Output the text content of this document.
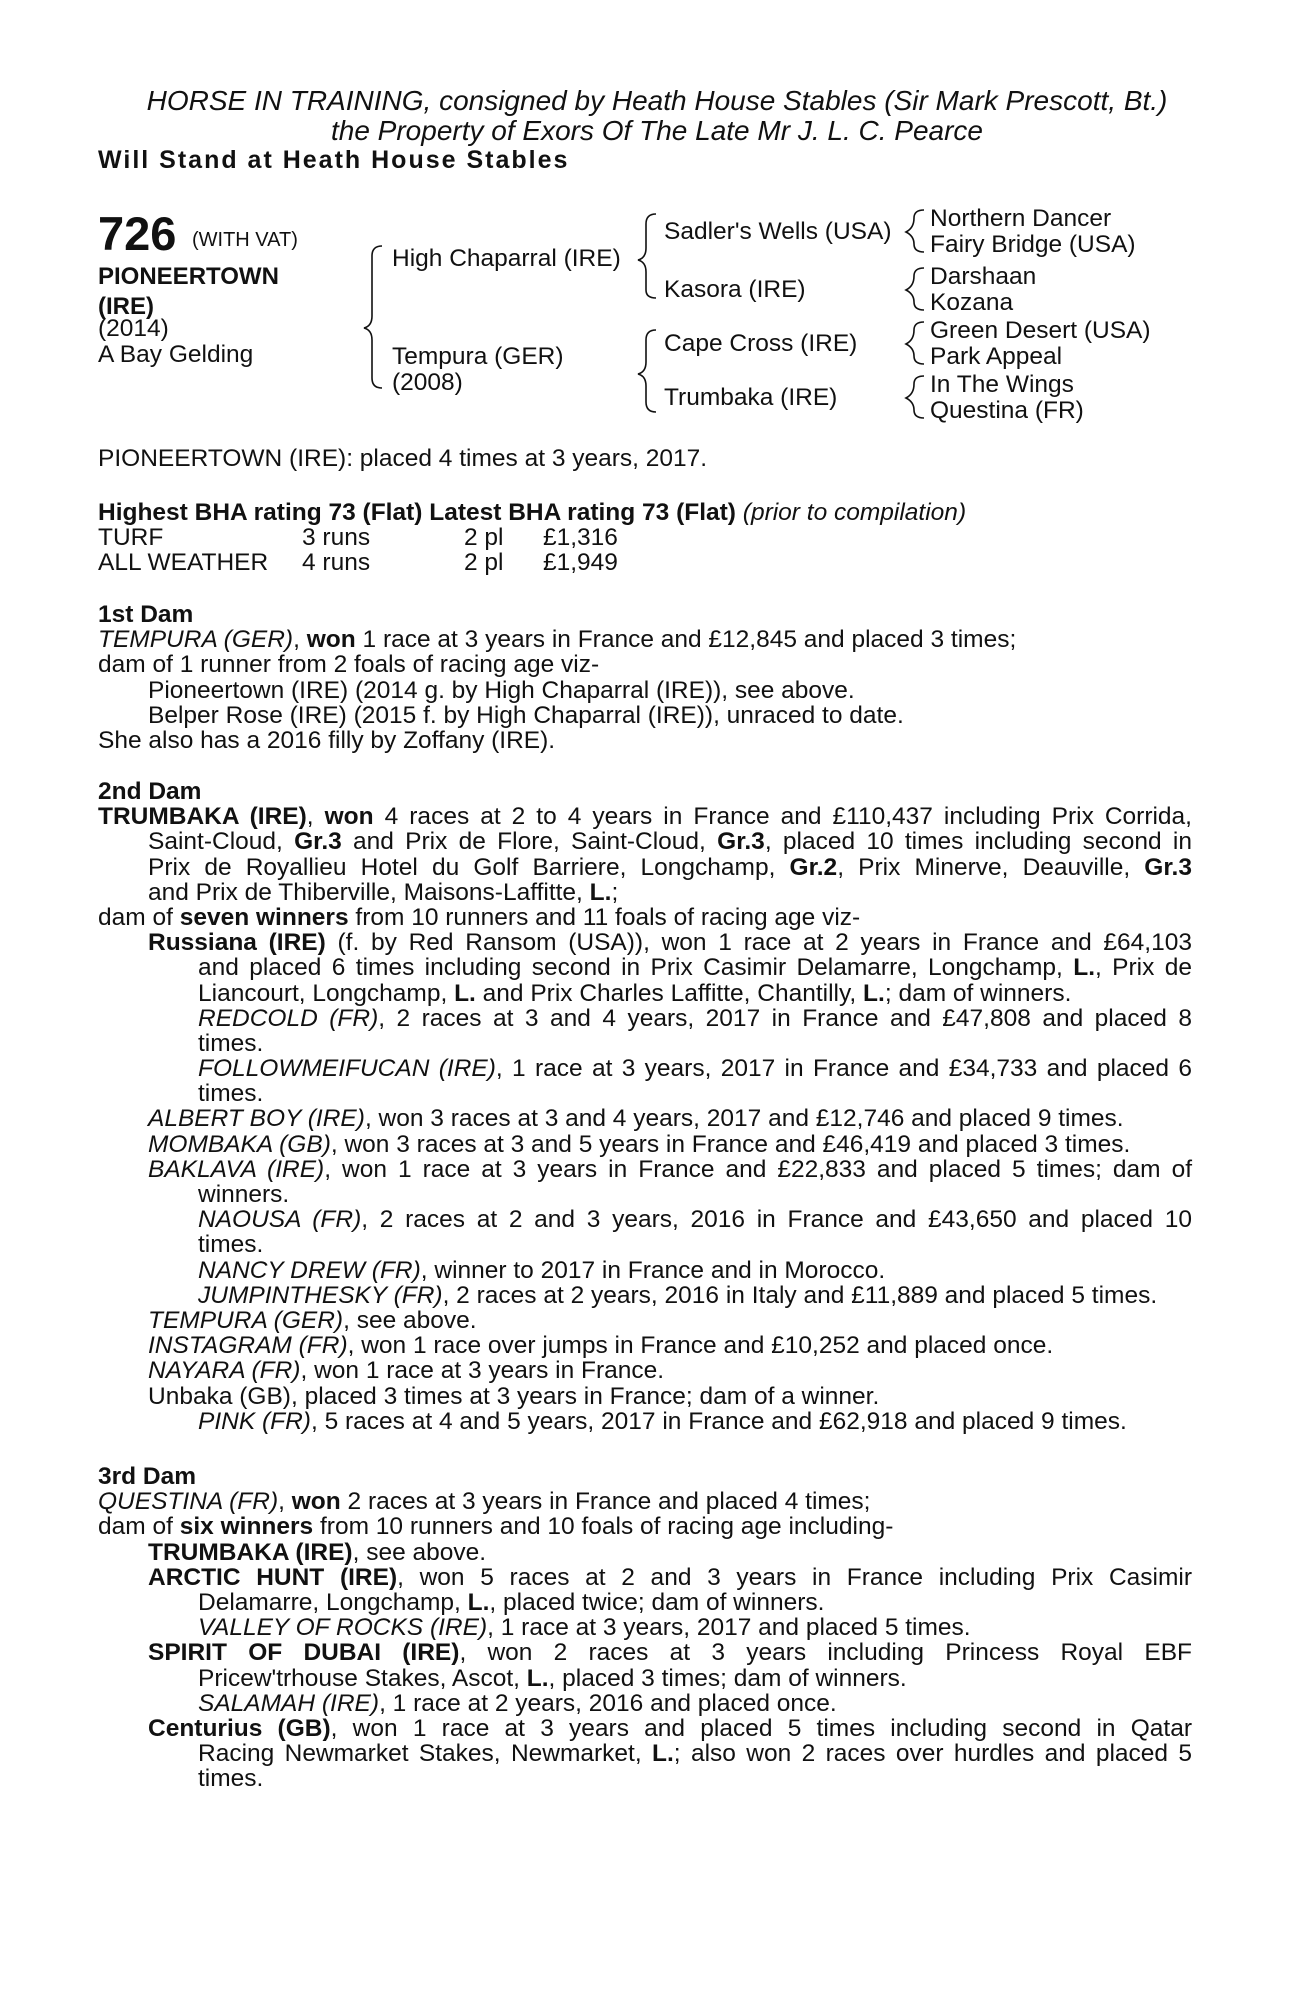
HORSE IN TRAINING, consigned by Heath House Stables (Sir Mark Prescott, Bt.)
the Property of Exors Of The Late Mr J. L. C. Pearce
Will Stand at Heath House Stables
726 (WITH VAT)
PIONEERTOWN
(IRE)
(2014)
A Bay Gelding
High Chaparral (IRE)
Tempura (GER)
(2008)
Sadler's Wells (USA)
Kasora (IRE)
Cape Cross (IRE)
Trumbaka (IRE)
Northern Dancer
Fairy Bridge (USA)
Darshaan
Kozana
Green Desert (USA)
Park Appeal
In The Wings
Questina (FR)
PIONEERTOWN (IRE): placed 4 times at 3 years, 2017.
Highest BHA rating 73 (Flat) Latest BHA rating 73 (Flat) (prior to compilation)
TURF	3 runs	2 pl £1,316
ALL WEATHER 4 runs	2 pl £1,949
1st Dam
TEMPURA (GER), won 1 race at 3 years in France and £12,845 and placed 3 times;
dam of 1 runner from 2 foals of racing age viz-
Pioneertown (IRE) (2014 g. by High Chaparral (IRE)), see above.
Belper Rose (IRE) (2015 f. by High Chaparral (IRE)), unraced to date.
She also has a 2016 filly by Zoffany (IRE).
2nd Dam
TRUMBAKA (IRE), won 4 races at 2 to 4 years in France and £110,437 including Prix Corrida,
Saint-Cloud, Gr.3 and Prix de Flore, Saint-Cloud, Gr.3, placed 10 times including second in
Prix de Royallieu Hotel du Golf Barriere, Longchamp, Gr.2, Prix Minerve, Deauville, Gr.3
and Prix de Thiberville, Maisons-Laffitte, L.;
dam of seven winners from 10 runners and 11 foals of racing age viz-
Russiana (IRE) (f. by Red Ransom (USA)), won 1 race at 2 years in France and £64,103
and placed 6 times including second in Prix Casimir Delamarre, Longchamp, L., Prix de
Liancourt, Longchamp, L. and Prix Charles Laffitte, Chantilly, L.; dam of winners.
REDCOLD (FR), 2 races at 3 and 4 years, 2017 in France and £47,808 and placed 8
times.
FOLLOWMEIFUCAN (IRE), 1 race at 3 years, 2017 in France and £34,733 and placed 6
times.
ALBERT BOY (IRE), won 3 races at 3 and 4 years, 2017 and £12,746 and placed 9 times.
MOMBAKA (GB), won 3 races at 3 and 5 years in France and £46,419 and placed 3 times.
BAKLAVA (IRE), won 1 race at 3 years in France and £22,833 and placed 5 times; dam of
winners.
NAOUSA (FR), 2 races at 2 and 3 years, 2016 in France and £43,650 and placed 10
times.
NANCY DREW (FR), winner to 2017 in France and in Morocco.
JUMPINTHESKY (FR), 2 races at 2 years, 2016 in Italy and £11,889 and placed 5 times.
TEMPURA (GER), see above.
INSTAGRAM (FR), won 1 race over jumps in France and £10,252 and placed once.
NAYARA (FR), won 1 race at 3 years in France.
Unbaka (GB), placed 3 times at 3 years in France; dam of a winner.
PINK (FR), 5 races at 4 and 5 years, 2017 in France and £62,918 and placed 9 times.
3rd Dam
QUESTINA (FR), won 2 races at 3 years in France and placed 4 times;
dam of six winners from 10 runners and 10 foals of racing age including-
TRUMBAKA (IRE), see above.
ARCTIC HUNT (IRE), won 5 races at 2 and 3 years in France including Prix Casimir
Delamarre, Longchamp, L., placed twice; dam of winners.
VALLEY OF ROCKS (IRE), 1 race at 3 years, 2017 and placed 5 times.
SPIRIT OF DUBAI (IRE), won 2 races at 3 years including Princess Royal EBF
Pricew'trhouse Stakes, Ascot, L., placed 3 times; dam of winners.
SALAMAH (IRE), 1 race at 2 years, 2016 and placed once.
Centurius (GB), won 1 race at 3 years and placed 5 times including second in Qatar
Racing Newmarket Stakes, Newmarket, L.; also won 2 races over hurdles and placed 5
times.
